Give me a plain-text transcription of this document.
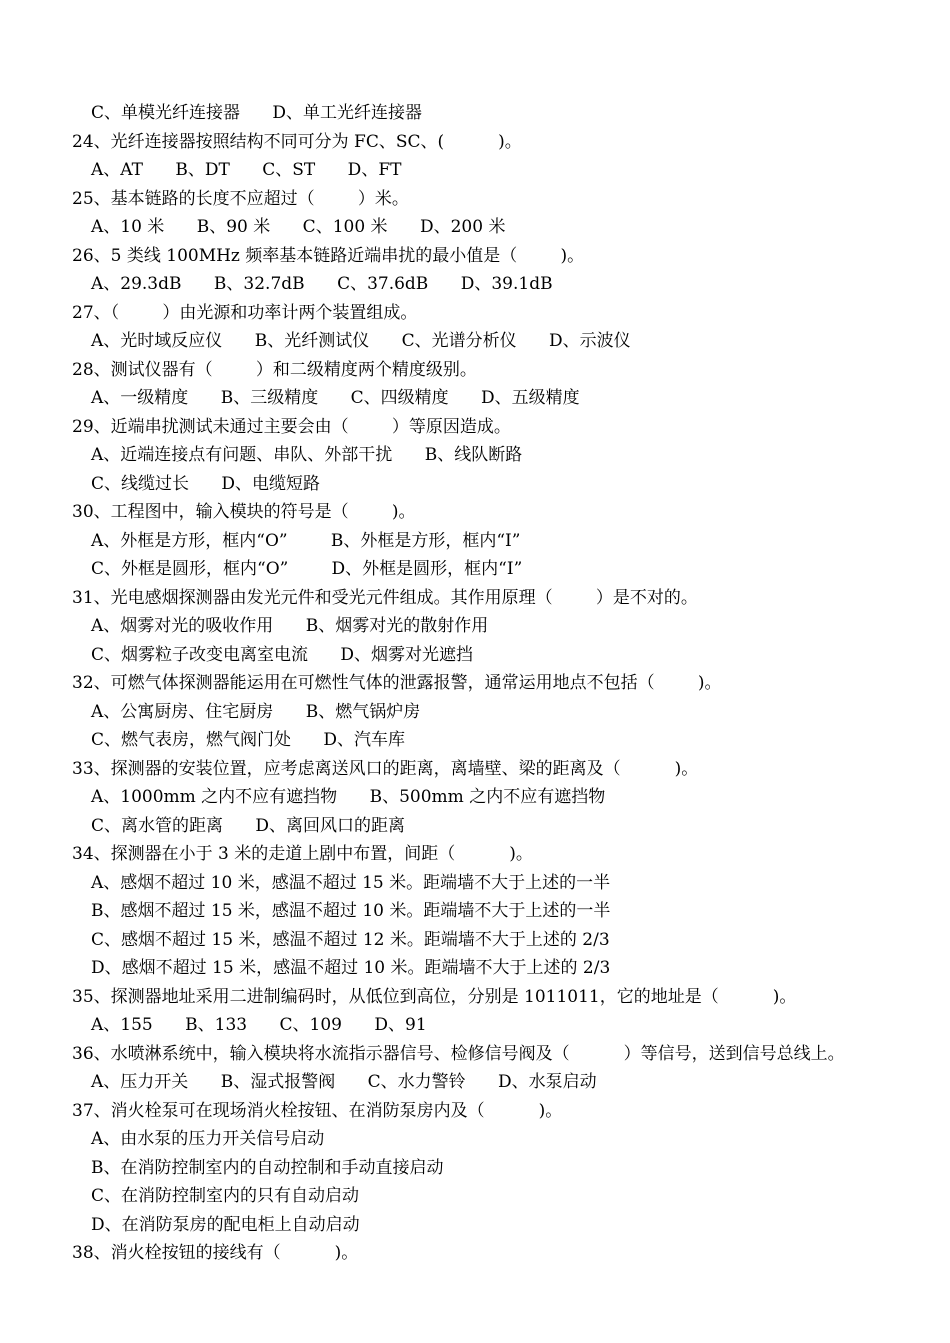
C、单模光纤连接器      D、单工光纤连接器
24、光纤连接器按照结构不同可分为 FC、SC、(          )。
A、AT      B、DT      C、ST      D、FT
25、基本链路的长度不应超过（        ）米。
A、10 米      B、90 米      C、100 米      D、200 米
26、5 类线 100MHz 频率基本链路近端串扰的最小值是（        )。
A、29.3dB      B、32.7dB      C、37.6dB      D、39.1dB
27、（        ）由光源和功率计两个装置组成。
A、光时域反应仪      B、光纤测试仪      C、光谱分析仪      D、示波仪
28、测试仪器有（        ）和二级精度两个精度级别。
A、一级精度      B、三级精度      C、四级精度      D、五级精度
29、近端串扰测试未通过主要会由（        ）等原因造成。
A、近端连接点有问题、串队、外部干扰      B、线队断路
C、线缆过长      D、电缆短路
30、工程图中，输入模块的符号是（        )。
A、外框是方形，框内“O”        B、外框是方形，框内“I”
C、外框是圆形，框内“O”        D、外框是圆形，框内“I”
31、光电感烟探测器由发光元件和受光元件组成。其作用原理（        ）是不对的。
A、烟雾对光的吸收作用      B、烟雾对光的散射作用
C、烟雾粒子改变电离室电流      D、烟雾对光遮挡
32、可燃气体探测器能运用在可燃性气体的泄露报警，通常运用地点不包括（        )。
A、公寓厨房、住宅厨房      B、燃气锅炉房
C、燃气表房，燃气阀门处      D、汽车库
33、探测器的安装位置，应考虑离送风口的距离，离墙壁、梁的距离及（          )。
A、1000mm 之内不应有遮挡物      B、500mm 之内不应有遮挡物
C、离水管的距离      D、离回风口的距离
34、探测器在小于 3 米的走道上剧中布置，间距（          )。
A、感烟不超过 10 米，感温不超过 15 米。距端墙不大于上述的一半
B、感烟不超过 15 米，感温不超过 10 米。距端墙不大于上述的一半
C、感烟不超过 15 米，感温不超过 12 米。距端墙不大于上述的 2/3
D、感烟不超过 15 米，感温不超过 10 米。距端墙不大于上述的 2/3
35、探测器地址采用二进制编码时，从低位到高位，分别是 1011011，它的地址是（          )。
A、155      B、133      C、109      D、91
36、水喷淋系统中，输入模块将水流指示器信号、检修信号阀及（          ）等信号，送到信号总线上。
A、压力开关      B、湿式报警阀      C、水力警铃      D、水泵启动
37、消火栓泵可在现场消火栓按钮、在消防泵房内及（          )。
A、由水泵的压力开关信号启动
B、在消防控制室内的自动控制和手动直接启动
C、在消防控制室内的只有自动启动
D、在消防泵房的配电柜上自动启动
38、消火栓按钮的接线有（          )。
